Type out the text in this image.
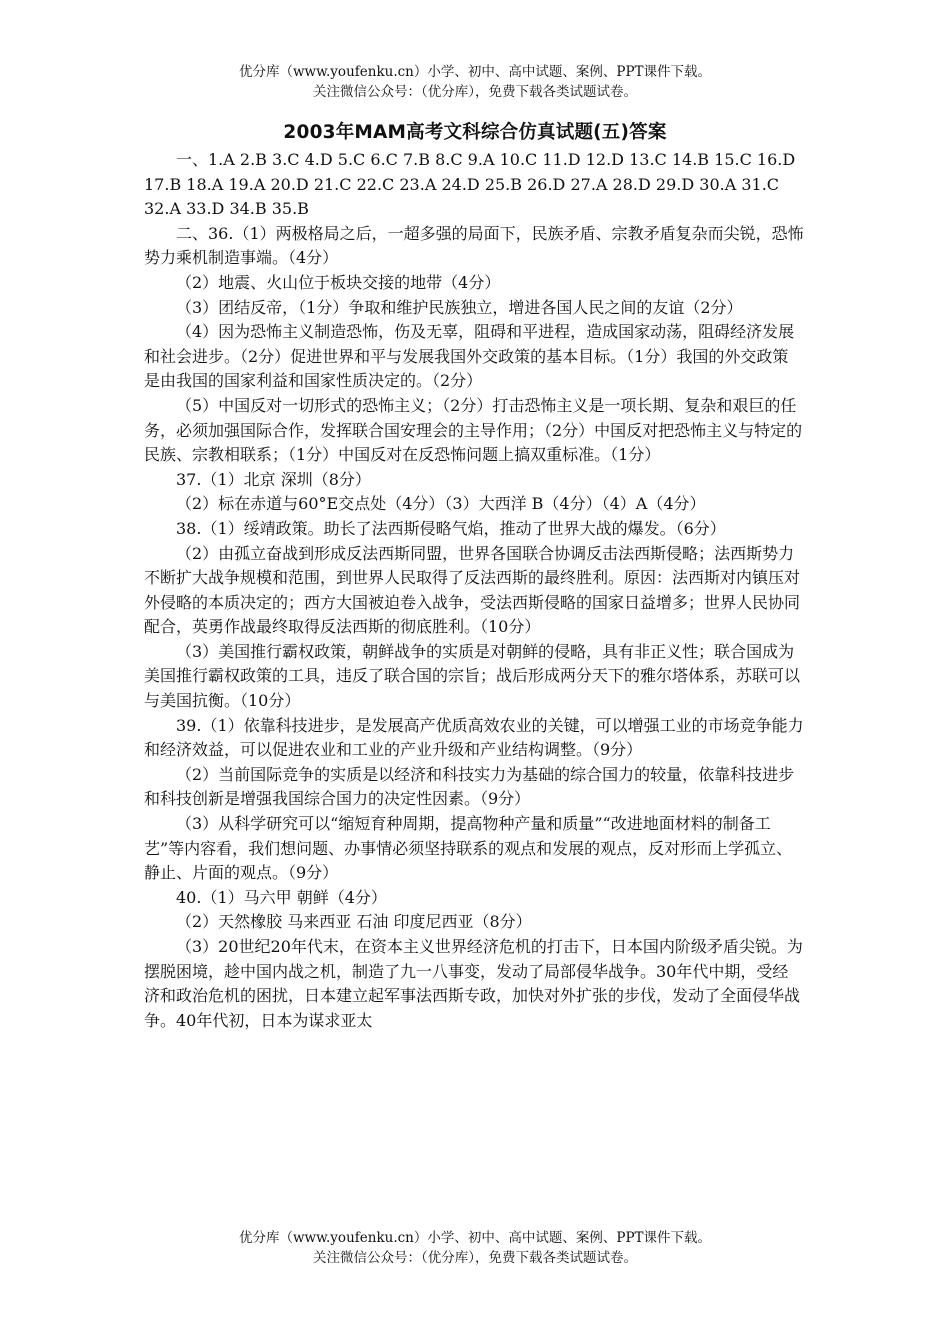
优分库（www.youfenku.cn）小学、初中、高中试题、案例、PPT课件下载。
关注微信公众号：（优分库），免费下载各类试题试卷。
2003年MAM高考文科综合仿真试题(五)答案

一、1.A 2.B 3.C 4.D 5.C 6.C 7.B 8.C 9.A 10.C 11.D 12.D 13.C 14.B 15.C 16.D 17.B 18.A 19.A 20.D 21.C 22.C 23.A 24.D 25.B 26.D 27.A 28.D 29.D 30.A 31.C 32.A 33.D 34.B 35.B

二、36.（1）两极格局之后，一超多强的局面下，民族矛盾、宗教矛盾复杂而尖锐，恐怖势力乘机制造事端。（4分）

（2）地震、火山位于板块交接的地带（4分）

（3）团结反帝，（1分）争取和维护民族独立，增进各国人民之间的友谊（2分）

（4）因为恐怖主义制造恐怖，伤及无辜，阻碍和平进程，造成国家动荡，阻碍经济发展和社会进步。（2分）促进世界和平与发展我国外交政策的基本目标。（1分）我国的外交政策是由我国的国家利益和国家性质决定的。（2分）

（5）中国反对一切形式的恐怖主义；（2分）打击恐怖主义是一项长期、复杂和艰巨的任务，必须加强国际合作，发挥联合国安理会的主导作用；（2分）中国反对把恐怖主义与特定的民族、宗教相联系；（1分）中国反对在反恐怖问题上搞双重标准。（1分）

37.（1）北京 深圳（8分）

（2）标在赤道与60°E交点处（4分）（3）大西洋 B（4分）（4）A（4分）

38.（1）绥靖政策。助长了法西斯侵略气焰，推动了世界大战的爆发。（6分）

（2）由孤立奋战到形成反法西斯同盟，世界各国联合协调反击法西斯侵略；法西斯势力不断扩大战争规模和范围，到世界人民取得了反法西斯的最终胜利。原因：法西斯对内镇压对外侵略的本质决定的；西方大国被迫卷入战争，受法西斯侵略的国家日益增多；世界人民协同配合，英勇作战最终取得反法西斯的彻底胜利。（10分）

（3）美国推行霸权政策，朝鲜战争的实质是对朝鲜的侵略，具有非正义性；联合国成为美国推行霸权政策的工具，违反了联合国的宗旨；战后形成两分天下的雅尔塔体系，苏联可以与美国抗衡。（10分）

39.（1）依靠科技进步，是发展高产优质高效农业的关键，可以增强工业的市场竞争能力和经济效益，可以促进农业和工业的产业升级和产业结构调整。（9分）

（2）当前国际竞争的实质是以经济和科技实力为基础的综合国力的较量，依靠科技进步和科技创新是增强我国综合国力的决定性因素。（9分）

（3）从科学研究可以“缩短育种周期，提高物种产量和质量”“改进地面材料的制备工艺”等内容看，我们想问题、办事情必须坚持联系的观点和发展的观点，反对形而上学孤立、静止、片面的观点。（9分）

40.（1）马六甲 朝鲜（4分）

（2）天然橡胶 马来西亚 石油 印度尼西亚（8分）

（3）20世纪20年代末，在资本主义世界经济危机的打击下，日本国内阶级矛盾尖锐。为摆脱困境，趁中国内战之机，制造了九一八事变，发动了局部侵华战争。30年代中期，受经济和政治危机的困扰，日本建立起军事法西斯专政，加快对外扩张的步伐，发动了全面侵华战争。40年代初，日本为谋求亚太

优分库（www.youfenku.cn）小学、初中、高中试题、案例、PPT课件下载。
关注微信公众号：（优分库），免费下载各类试题试卷。
